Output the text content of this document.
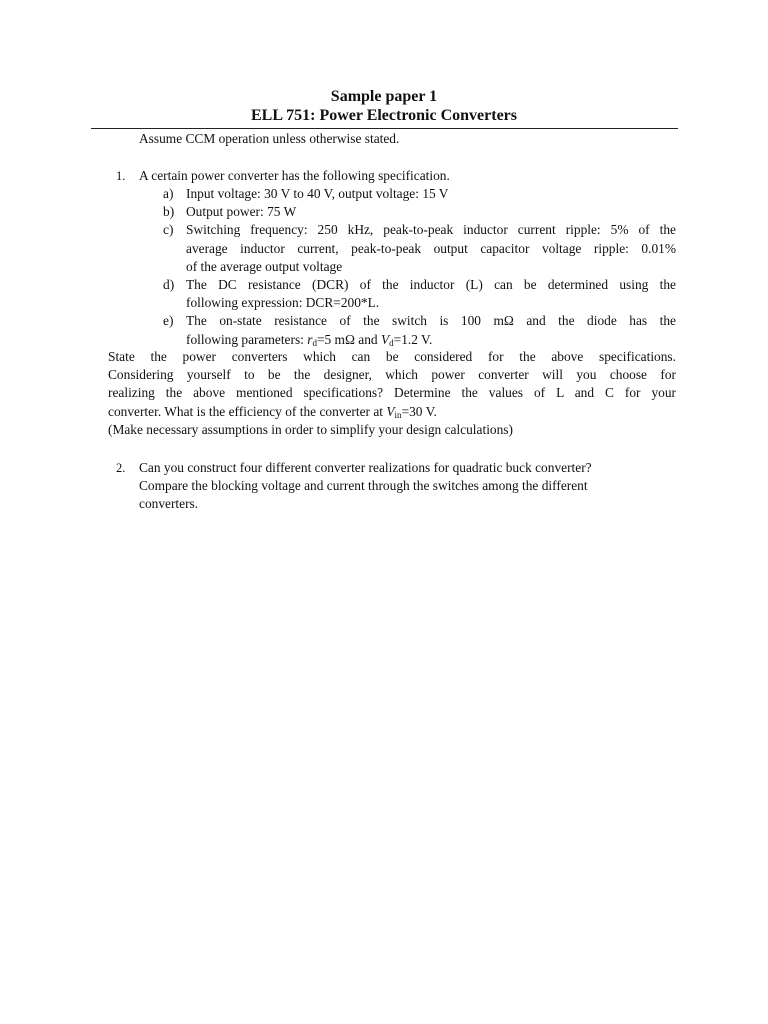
Sample paper 1
ELL 751: Power Electronic Converters
Assume CCM operation unless otherwise stated.
1. A certain power converter has the following specification.
a) Input voltage: 30 V to 40 V, output voltage: 15 V
b) Output power: 75 W
c) Switching frequency: 250 kHz, peak-to-peak inductor current ripple: 5% of the
average inductor current, peak-to-peak output capacitor voltage ripple: 0.01%
of the average output voltage
d) The DC resistance (DCR) of the inductor (L) can be determined using the
following expression: DCR=200*L.
e) The on-state resistance of the switch is 100 mΩ and the diode has the
following parameters: $r_d=5$ mΩ and $V_d=1.2$ V.
State the power converters which can be considered for the above specifications.
Considering yourself to be the designer, which power converter will you choose for
realizing the above mentioned specifications? Determine the values of L and C for your
converter. What is the efficiency of the converter at $V_{in}=30$ V.
(Make necessary assumptions in order to simplify your design calculations)
2. Can you construct four different converter realizations for quadratic buck converter?
Compare the blocking voltage and current through the switches among the different
converters.
